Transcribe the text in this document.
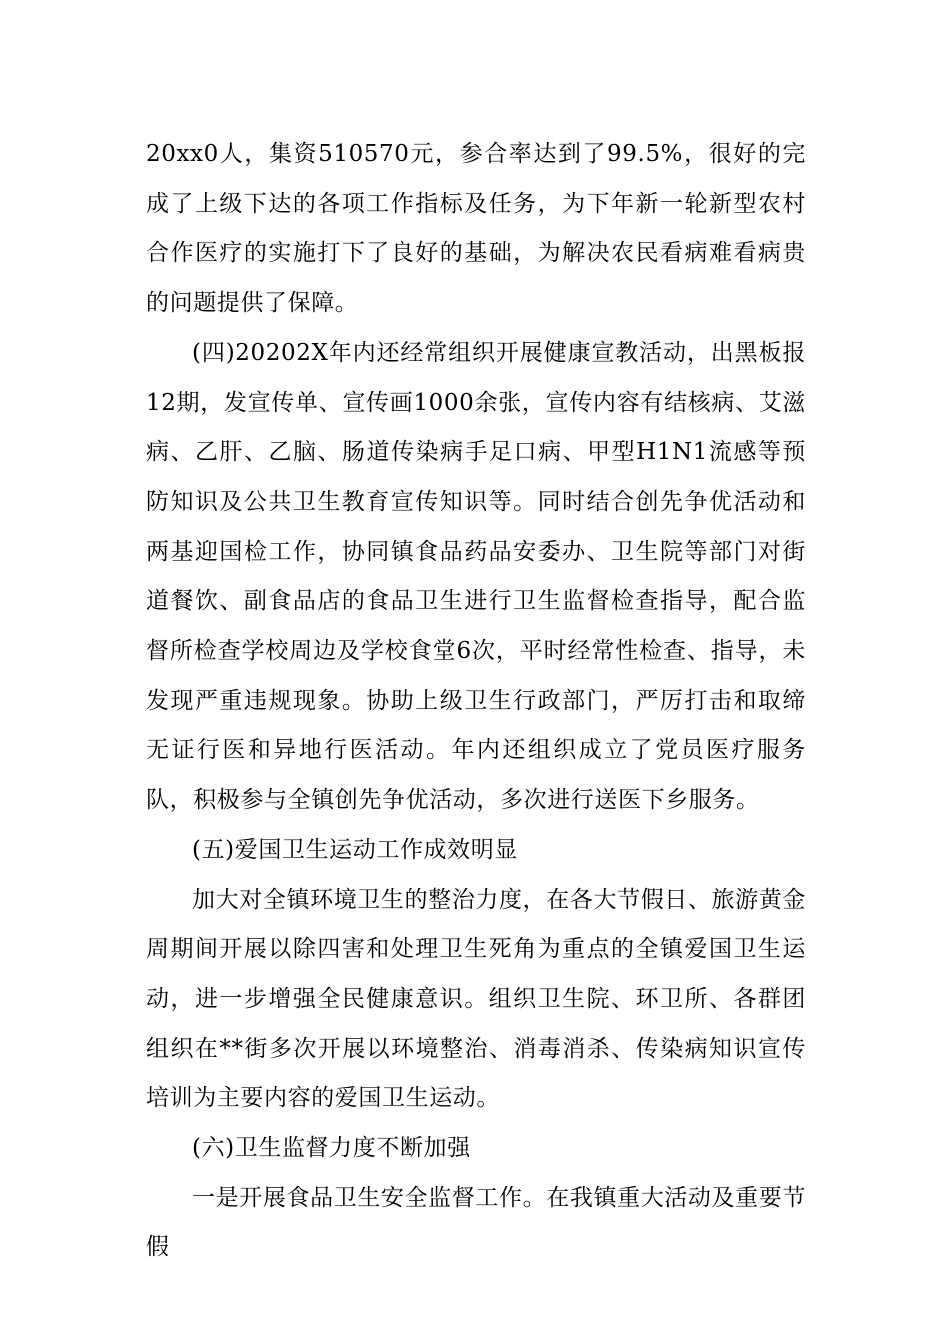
20xx0人，集资510570元，参合率达到了99.5%，很好的完成了上级下达的各项工作指标及任务，为下年新一轮新型农村合作医疗的实施打下了良好的基础，为解决农民看病难看病贵的问题提供了保障。

(四)20202X年内还经常组织开展健康宣教活动，出黑板报12期，发宣传单、宣传画1000余张，宣传内容有结核病、艾滋病、乙肝、乙脑、肠道传染病手足口病、甲型H1N1流感等预防知识及公共卫生教育宣传知识等。同时结合创先争优活动和两基迎国检工作，协同镇食品药品安委办、卫生院等部门对街道餐饮、副食品店的食品卫生进行卫生监督检查指导，配合监督所检查学校周边及学校食堂6次，平时经常性检查、指导，未发现严重违规现象。协助上级卫生行政部门，严厉打击和取缔无证行医和异地行医活动。年内还组织成立了党员医疗服务队，积极参与全镇创先争优活动，多次进行送医下乡服务。

(五)爱国卫生运动工作成效明显

加大对全镇环境卫生的整治力度，在各大节假日、旅游黄金周期间开展以除四害和处理卫生死角为重点的全镇爱国卫生运动，进一步增强全民健康意识。组织卫生院、环卫所、各群团组织在**街多次开展以环境整治、消毒消杀、传染病知识宣传培训为主要内容的爱国卫生运动。

(六)卫生监督力度不断加强

一是开展食品卫生安全监督工作。在我镇重大活动及重要节假
